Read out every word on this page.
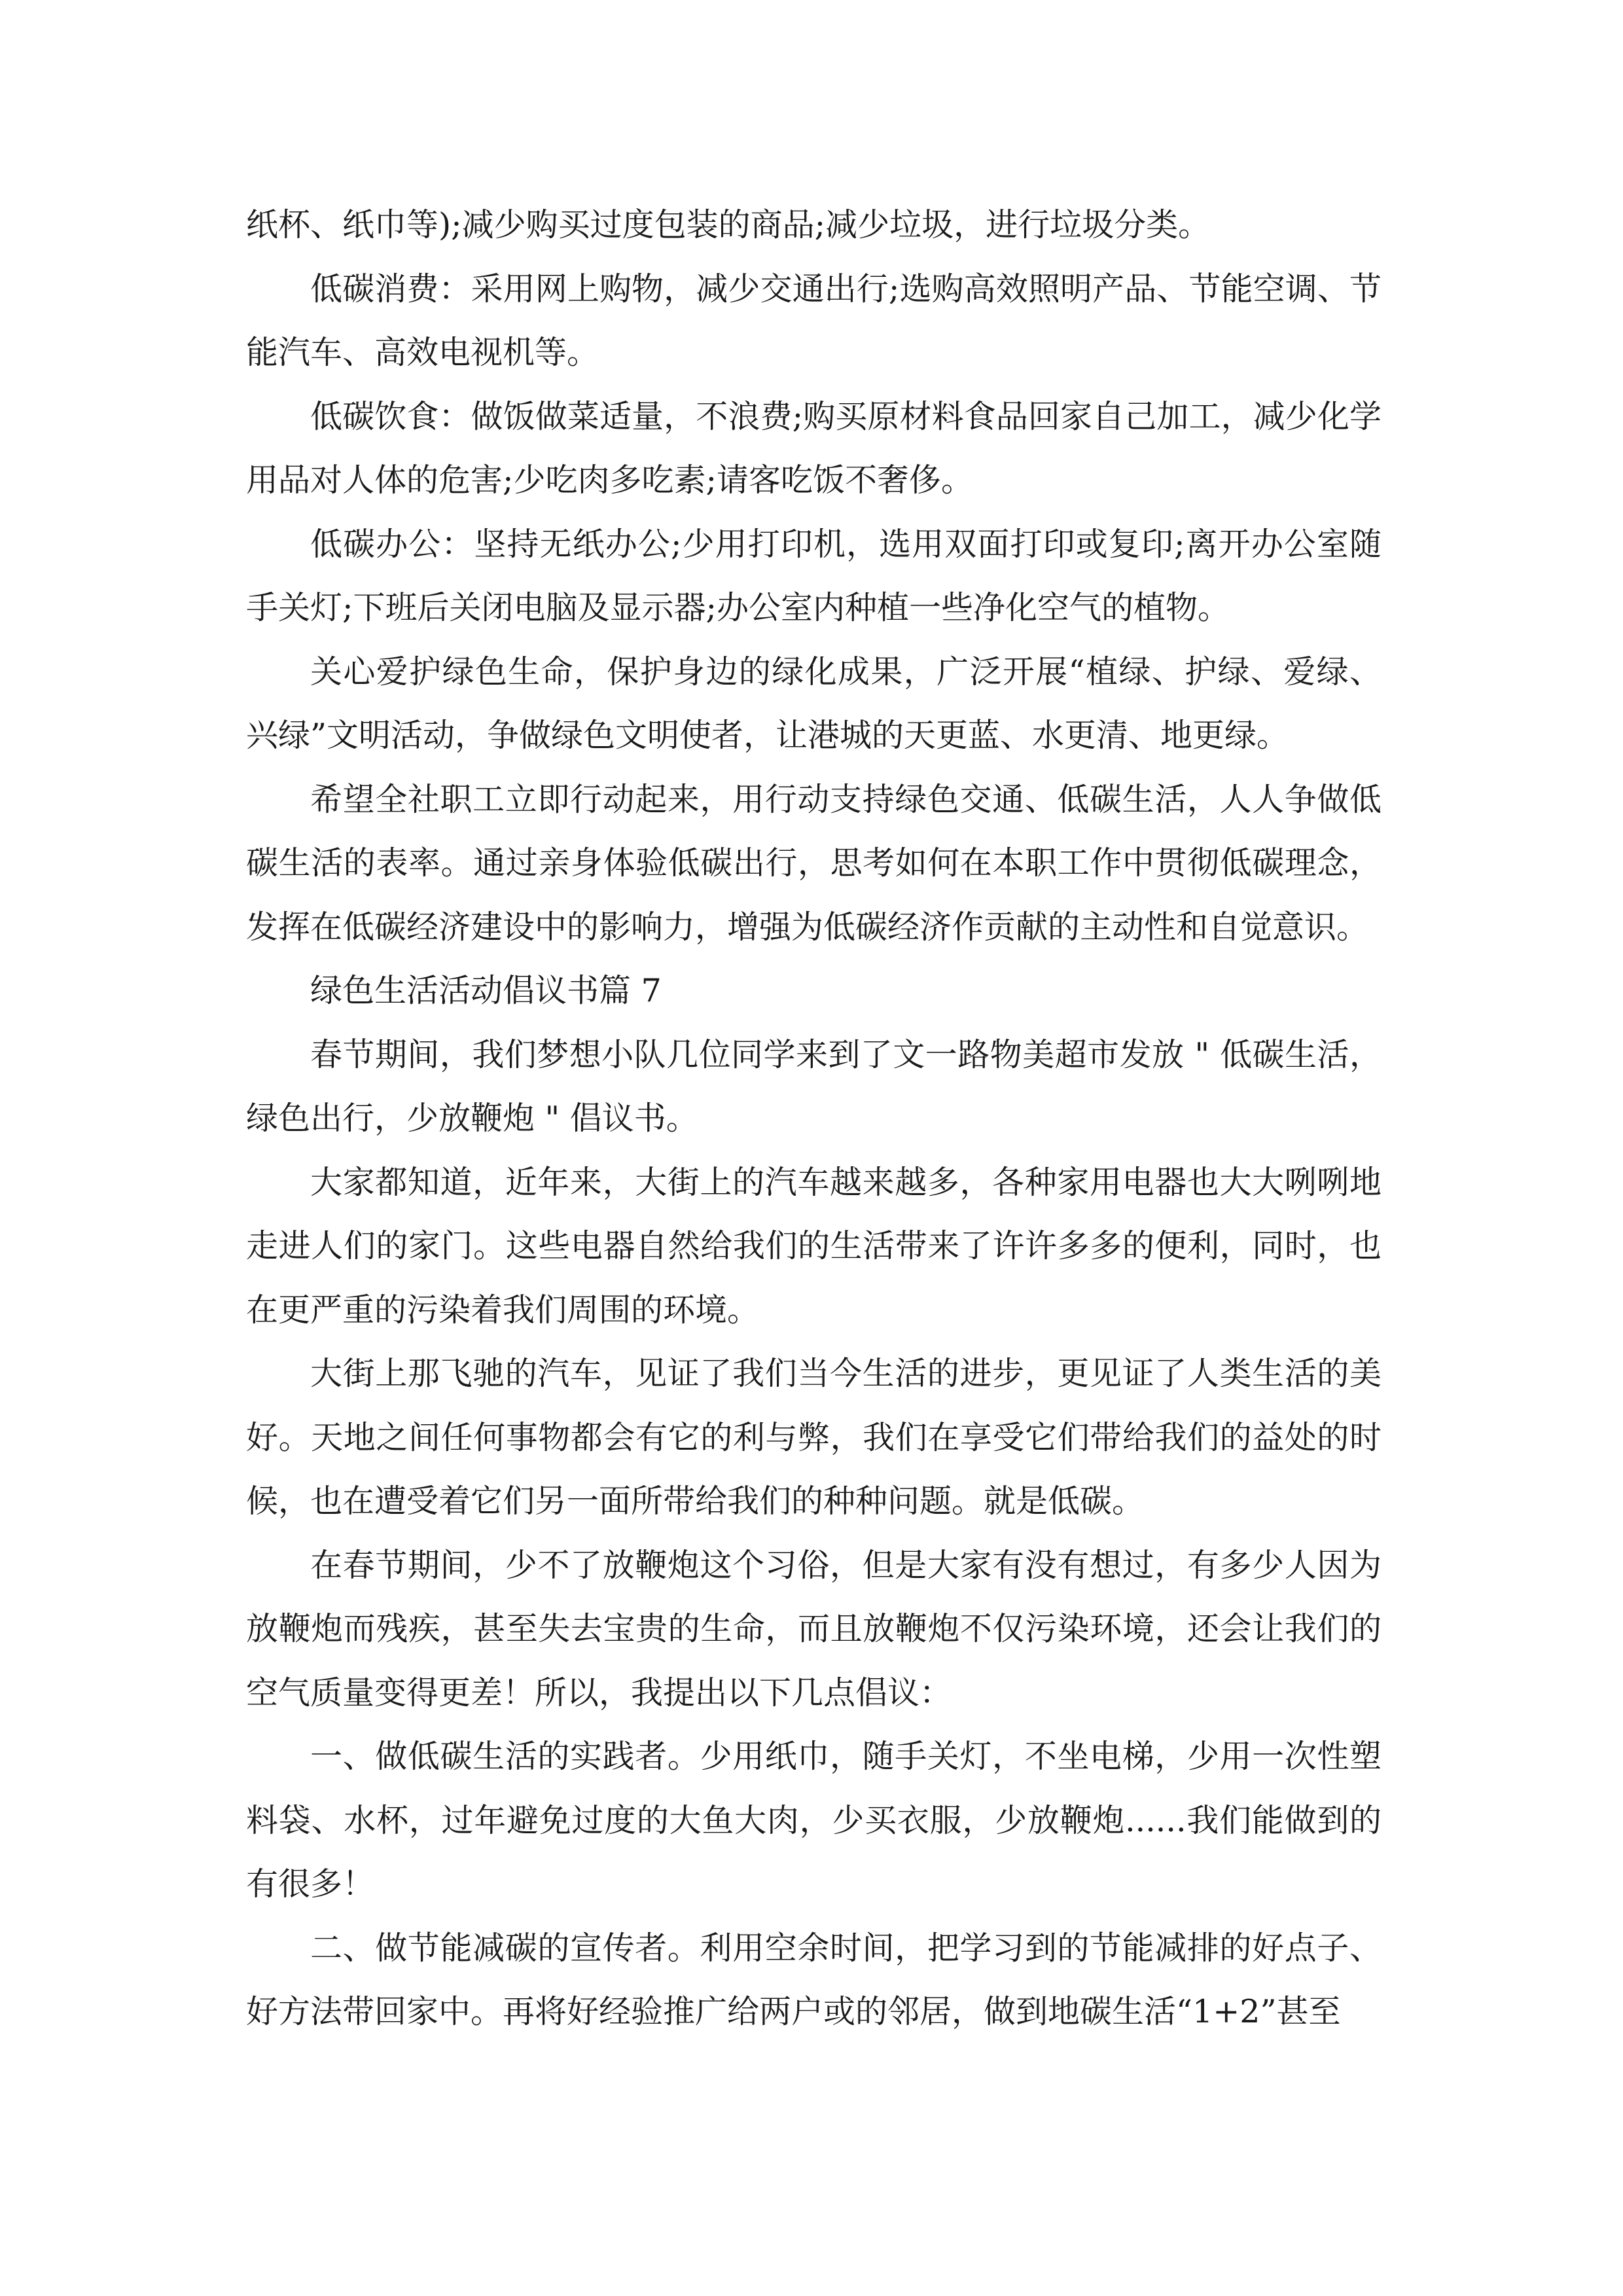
纸杯、纸巾等);减少购买过度包装的商品;减少垃圾，进行垃圾分类。

低碳消费：采用网上购物，减少交通出行;选购高效照明产品、节能空调、节能汽车、高效电视机等。

低碳饮食：做饭做菜适量，不浪费;购买原材料食品回家自己加工，减少化学用品对人体的危害;少吃肉多吃素;请客吃饭不奢侈。

低碳办公：坚持无纸办公;少用打印机，选用双面打印或复印;离开办公室随手关灯;下班后关闭电脑及显示器;办公室内种植一些净化空气的植物。

关心爱护绿色生命，保护身边的绿化成果，广泛开展“植绿、护绿、爱绿、兴绿”文明活动，争做绿色文明使者，让港城的天更蓝、水更清、地更绿。

希望全社职工立即行动起来，用行动支持绿色交通、低碳生活，人人争做低碳生活的表率。通过亲身体验低碳出行，思考如何在本职工作中贯彻低碳理念，发挥在低碳经济建设中的影响力，增强为低碳经济作贡献的主动性和自觉意识。

绿色生活活动倡议书篇 7

春节期间，我们梦想小队几位同学来到了文一路物美超市发放 " 低碳生活，绿色出行，少放鞭炮 " 倡议书。

大家都知道，近年来，大街上的汽车越来越多，各种家用电器也大大咧咧地走进人们的家门。这些电器自然给我们的生活带来了许许多多的便利，同时，也在更严重的污染着我们周围的环境。

大街上那飞驰的汽车，见证了我们当今生活的进步，更见证了人类生活的美好。天地之间任何事物都会有它的利与弊，我们在享受它们带给我们的益处的时候，也在遭受着它们另一面所带给我们的种种问题。就是低碳。

在春节期间，少不了放鞭炮这个习俗，但是大家有没有想过，有多少人因为放鞭炮而残疾，甚至失去宝贵的生命，而且放鞭炮不仅污染环境，还会让我们的空气质量变得更差！所以，我提出以下几点倡议：

一、做低碳生活的实践者。少用纸巾，随手关灯，不坐电梯，少用一次性塑料袋、水杯，过年避免过度的大鱼大肉，少买衣服，少放鞭炮......我们能做到的有很多！

二、做节能减碳的宣传者。利用空余时间，把学习到的节能减排的好点子、好方法带回家中。再将好经验推广给两户或的邻居，做到地碳生活“1+2”甚至
